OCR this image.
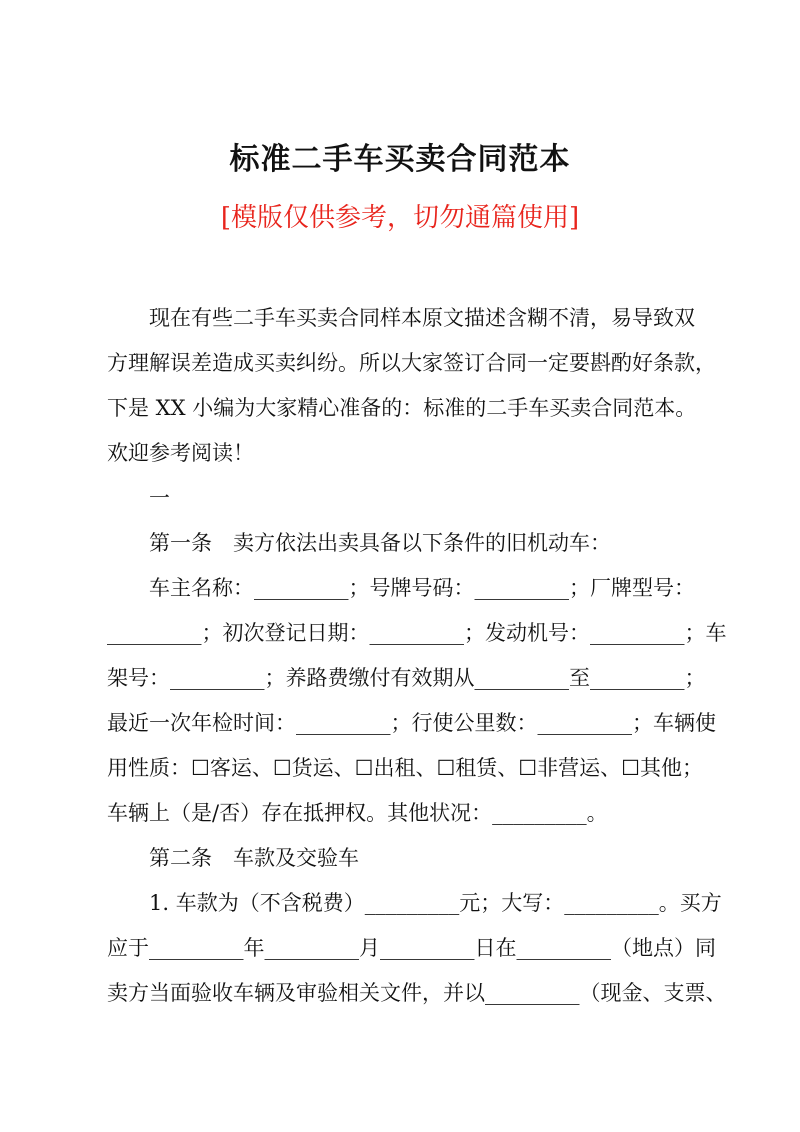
标准二手车买卖合同范本
[模版仅供参考，切勿通篇使用]

现在有些二手车买卖合同样本原文描述含糊不清，易导致双

方理解误差造成买卖纠纷。所以大家签订合同一定要斟酌好条款，

下是 XX 小编为大家精心准备的：标准的二手车买卖合同范本。

欢迎参考阅读！

一

第一条　卖方依法出卖具备以下条件的旧机动车：

车主名称：_________；号牌号码：_________；厂牌型号：

_________；初次登记日期：_________；发动机号：_________；车

架号：_________；养路费缴付有效期从_________至_________；

最近一次年检时间：_________；行使公里数：_________；车辆使

用性质：☐客运、☐货运、☐出租、☐租赁、☐非营运、☐其他；

车辆上（是/否）存在抵押权。其他状况：_________。

第二条　车款及交验车

1. 车款为（不含税费）_________元；大写：_________。买方

应于_________年_________月_________日在_________（地点）同

卖方当面验收车辆及审验相关文件，并以_________（现金、支票、
